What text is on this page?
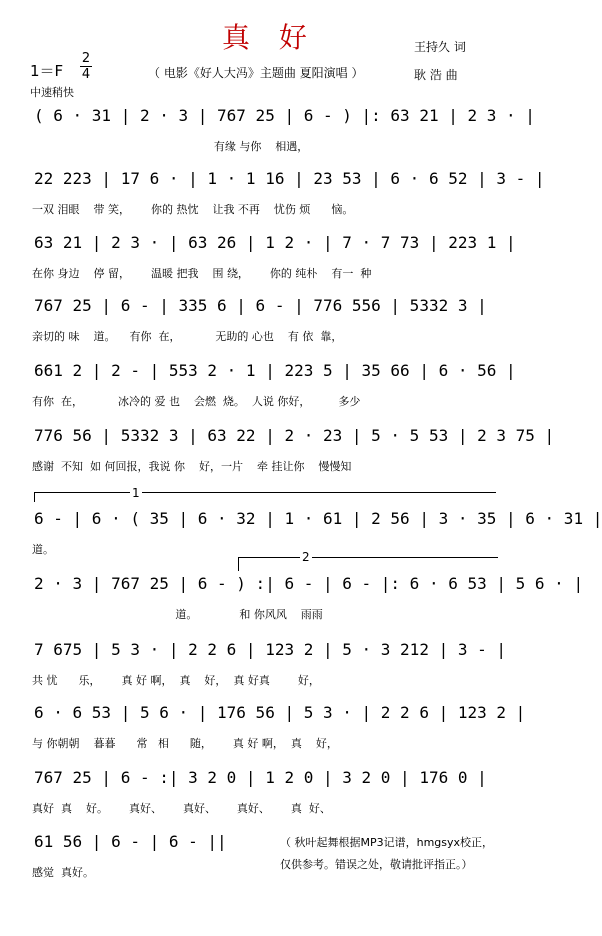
真 好	王持久 词
耿 浩 曲
1＝F
2
4	（ 电影《好人大冯》主题曲 夏阳演唱 ）
中速稍快
( 6 · 31 | 2 · 3 | 767 25 | 6 - ) |: 63 21 | 2 3 · |
有缘 与你    相遇，
22 223 | 17 6 · | 1 · 1 16 | 23 53 | 6 · 6 52 | 3 - |
一双 泪眼    带 笑，      你的 热忱    让我 不再    忧伤 烦      恼。
63 21 | 2 3 · | 63 26 | 1 2 · | 7 · 7 73 | 223 1 |
在你 身边    停 留，      温暖 把我    围 绕，      你的 纯朴    有一  种
767 25 | 6 - | 335 6 | 6 - | 776 556 | 5332 3 |
亲切的 味    道。    有你  在，          无助的 心也    有 依  靠，
661 2 | 2 - | 553 2 · 1 | 223 5 | 35 66 | 6 · 56 |
有你  在，          冰冷的 爱 也    会燃  烧。  人说 你好，        多少
776 56 | 5332 3 | 63 22 | 2 · 23 | 5 · 5 53 | 2 3 75 |
感谢  不知  如 何回报，我说 你    好，一片    牵 挂让你    慢慢知
1
6 - | 6 · ( 35 | 6 · 32 | 1 · 61 | 2 56 | 3 · 35 | 6 · 31 |
道。
2
2 · 3 | 767 25 | 6 - ) :| 6 - | 6 - |: 6 · 6 53 | 5 6 · |
道。            和 你风风    雨雨
7 675 | 5 3 · | 2 2 6 | 123 2 | 5 · 3 212 | 3 - |
共 忧      乐，      真 好 啊，  真    好，  真 好真        好，
6 · 6 53 | 5 6 · | 176 56 | 5 3 · | 2 2 6 | 123 2 |
与 你朝朝    暮暮      常   相      随，      真 好 啊，  真    好，
767 25 | 6 - :| 3 2 0 | 1 2 0 | 3 2 0 | 176 0 |
真好  真    好。      真好、      真好、      真好、      真  好、
61 56 | 6 - | 6 - ||
感觉  真好。
（ 秋叶起舞根据MP3记谱，hmgsyx校正，
仅供参考。错误之处，敬请批评指正。）
